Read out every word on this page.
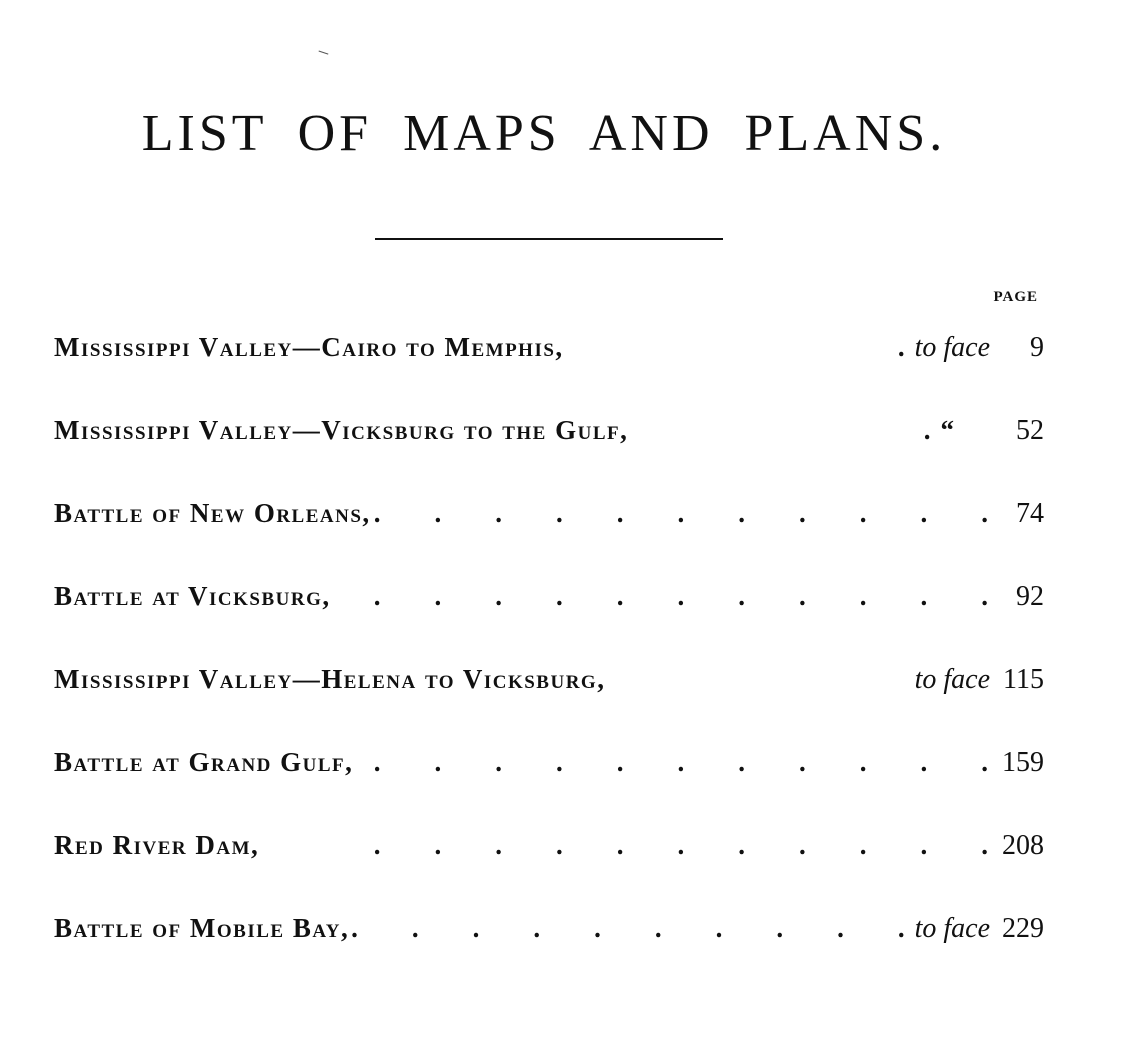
LIST OF MAPS AND PLANS.
PAGE
Mississippi Valley—Cairo to Memphis, .	to face	9
Mississippi Valley—Vicksburg to the Gulf, .	“	52
Battle of New Orleans, .	74
Battle at Vicksburg, .	92
Mississippi Valley—Helena to Vicksburg,	to face 115
Battle at Grand Gulf, .	159
Red River Dam, .	208
Battle of Mobile Bay, .	to face 229
